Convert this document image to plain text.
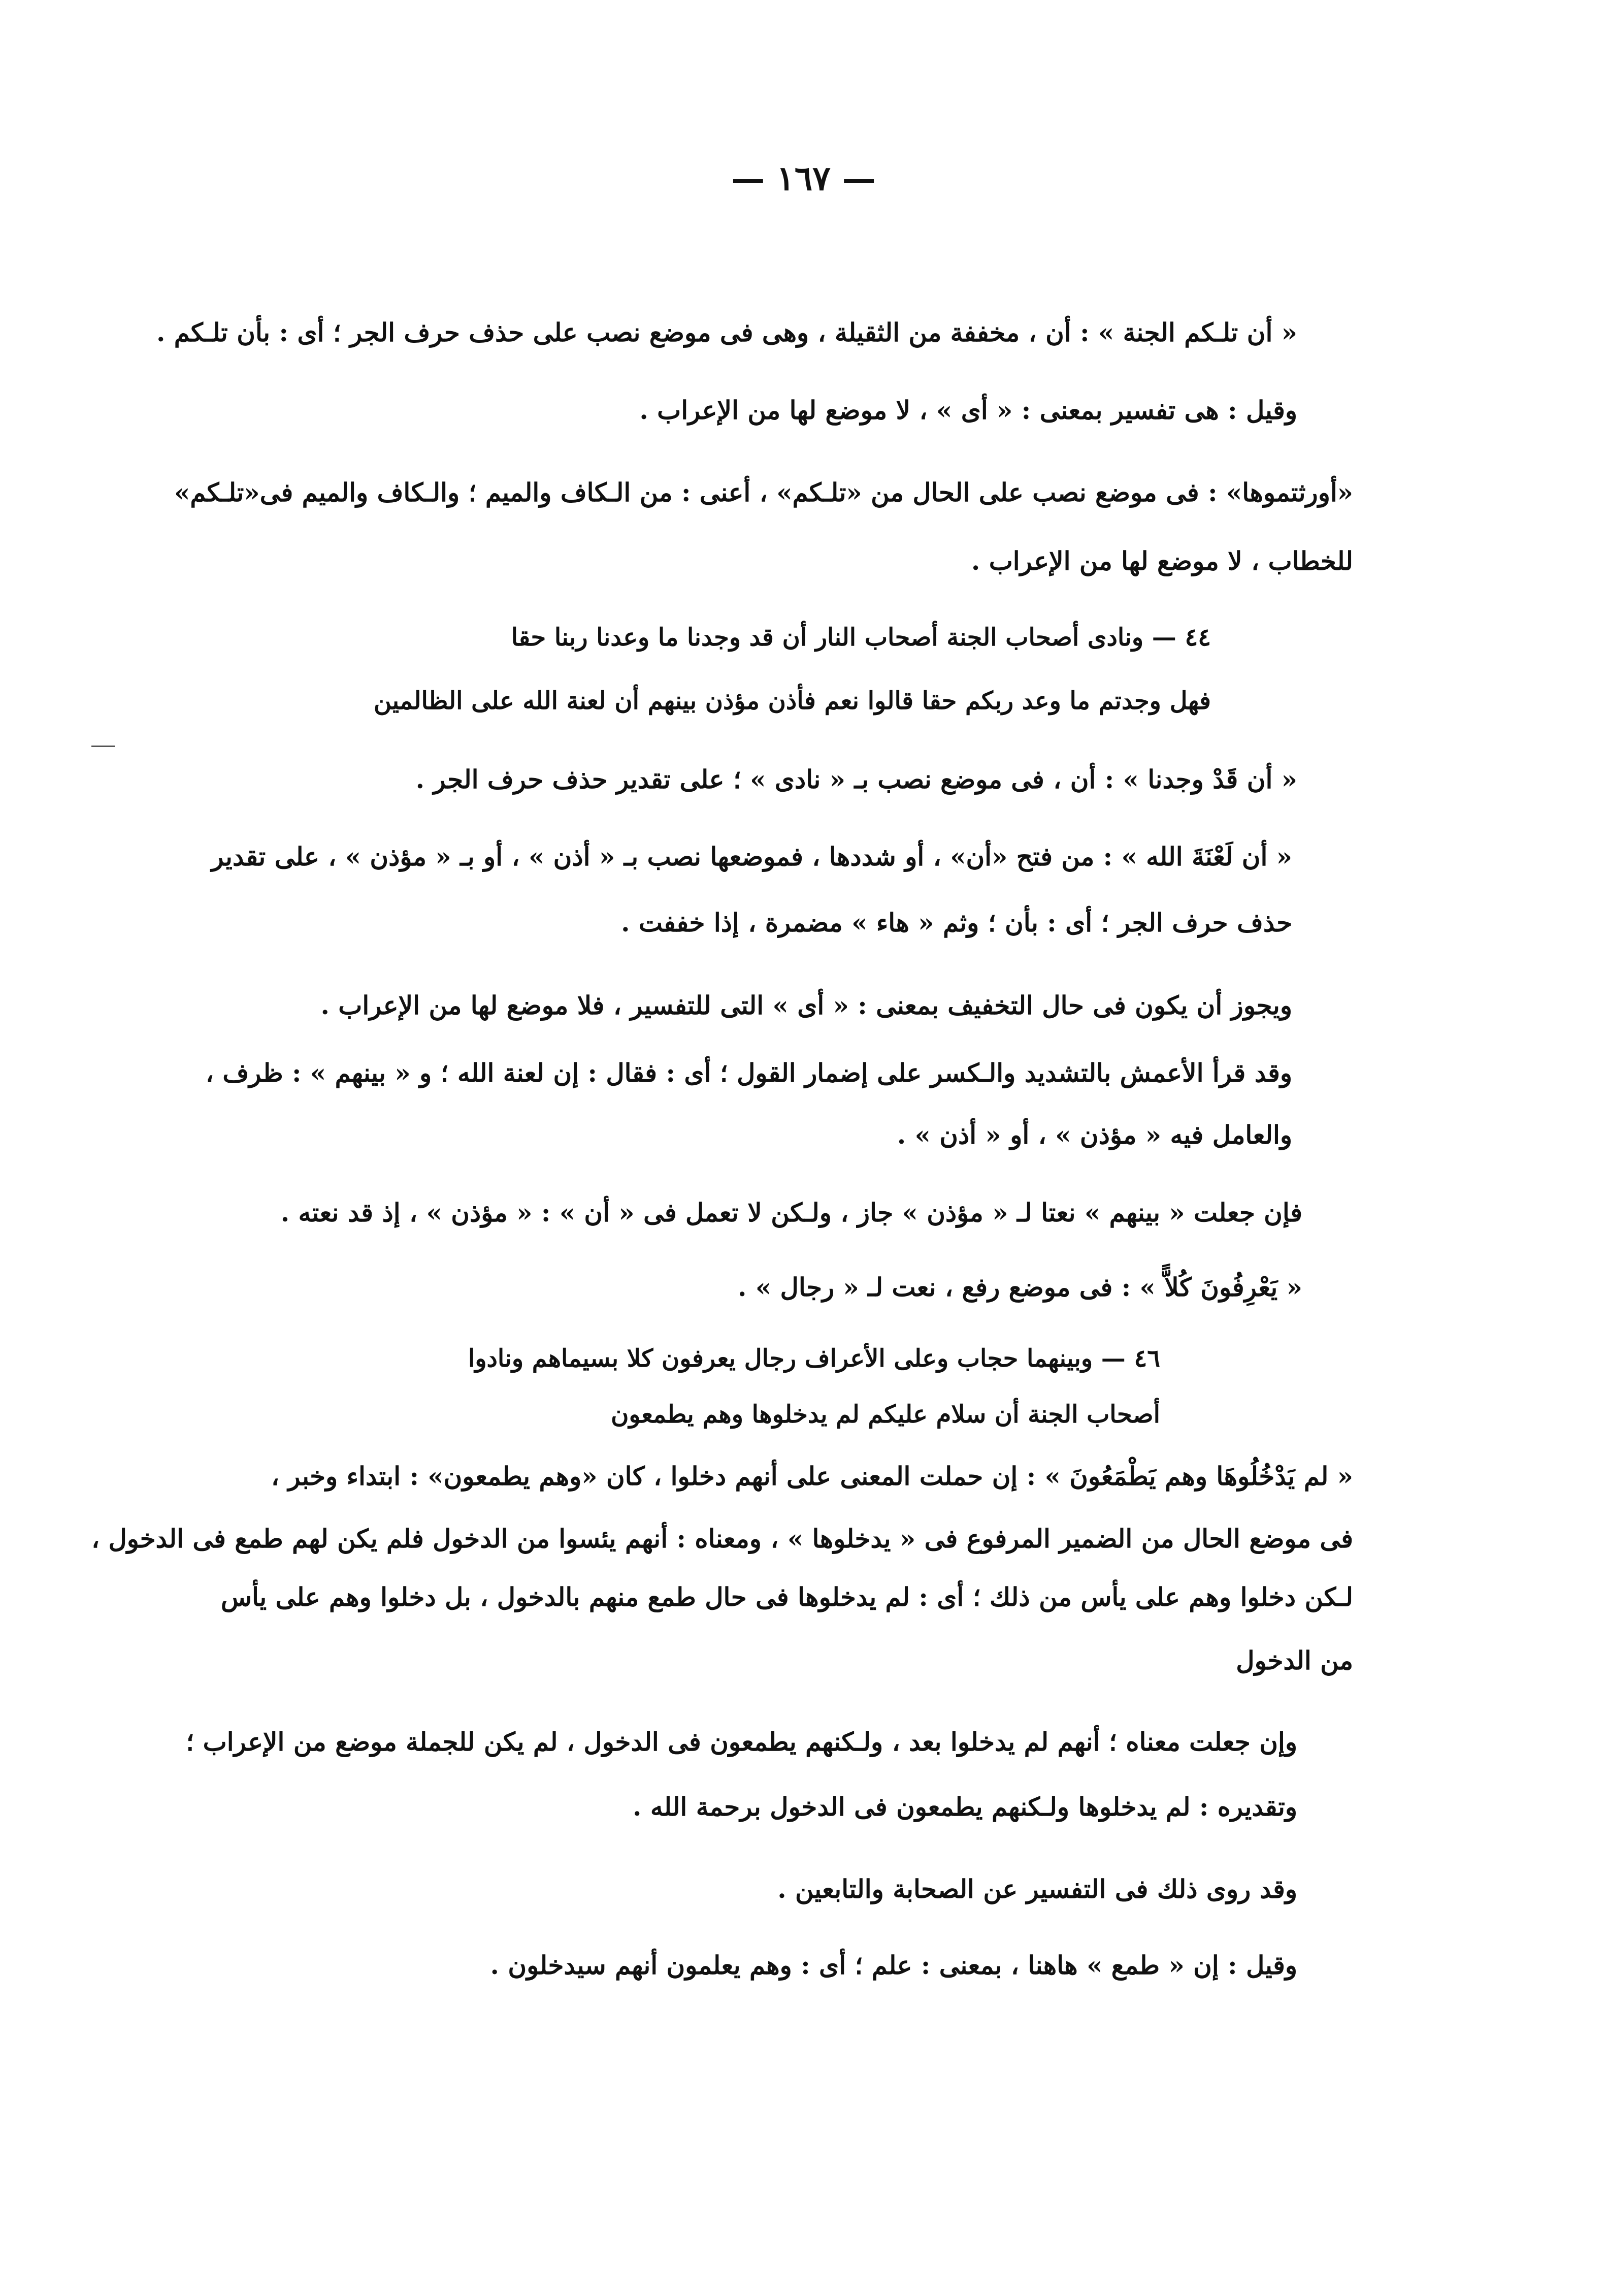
— ١٦٧ —
« أن تلـكم الجنة » : أن ، مخففة من الثقيلة ، وهى فى موضع نصب على حذف حرف الجر ؛ أى : بأن تلـكم .
وقيل : هى تفسير بمعنى : « أى » ، لا موضع لها من الإعراب .
«أورثتموها» : فى موضع نصب على الحال من «تلـكم» ، أعنى : من الـكاف والميم ؛ والـكاف والميم فى«تلـكم»
للخطاب ، لا موضع لها من الإعراب .
٤٤ — ونادى أصحاب الجنة أصحاب النار أن قد وجدنا ما وعدنا ربنا حقا
فهل وجدتم ما وعد ربكم حقا قالوا نعم فأذن مؤذن بينهم أن لعنة الله على الظالمين
« أن قَدْ وجدنا » : أن ، فى موضع نصب بـ « نادى » ؛ على تقدير حذف حرف الجر .
« أن لَعْنَةَ الله » : من فتح «أن» ، أو شددها ، فموضعها نصب بـ « أذن » ، أو بـ « مؤذن » ، على تقدير
حذف حرف الجر ؛ أى : بأن ؛ وثم « هاء » مضمرة ، إذا خففت .
ويجوز أن يكون فى حال التخفيف بمعنى : « أى » التى للتفسير ، فلا موضع لها من الإعراب .
وقد قرأ الأعمش بالتشديد والـكسر على إضمار القول ؛ أى : فقال : إن لعنة الله ؛ و « بينهم » : ظرف ،
والعامل فيه « مؤذن » ، أو « أذن » .
فإن جعلت « بينهم » نعتا لـ « مؤذن » جاز ، ولـكن لا تعمل فى « أن » : « مؤذن » ، إذ قد نعته .
« يَعْرِفُونَ كُلاًّ » : فى موضع رفع ، نعت لـ « رجال » .
٤٦ — وبينهما حجاب وعلى الأعراف رجال يعرفون كلا بسيماهم ونادوا
أصحاب الجنة أن سلام عليكم لم يدخلوها وهم يطمعون
« لم يَدْخُلُوهَا وهم يَطْمَعُونَ » : إن حملت المعنى على أنهم دخلوا ، كان «وهم يطمعون» : ابتداء وخبر ،
فى موضع الحال من الضمير المرفوع فى « يدخلوها » ، ومعناه : أنهم يئسوا من الدخول فلم يكن لهم طمع فى الدخول ،
لـكن دخلوا وهم على يأس من ذلك ؛ أى : لم يدخلوها فى حال طمع منهم بالدخول ، بل دخلوا وهم على يأس
من الدخول
وإن جعلت معناه ؛ أنهم لم يدخلوا بعد ، ولـكنهم يطمعون فى الدخول ، لم يكن للجملة موضع من الإعراب ؛
وتقديره : لم يدخلوها ولـكنهم يطمعون فى الدخول برحمة الله .
وقد روى ذلك فى التفسير عن الصحابة والتابعين .
وقيل : إن « طمع » هاهنا ، بمعنى : علم ؛ أى : وهم يعلمون أنهم سيدخلون .
